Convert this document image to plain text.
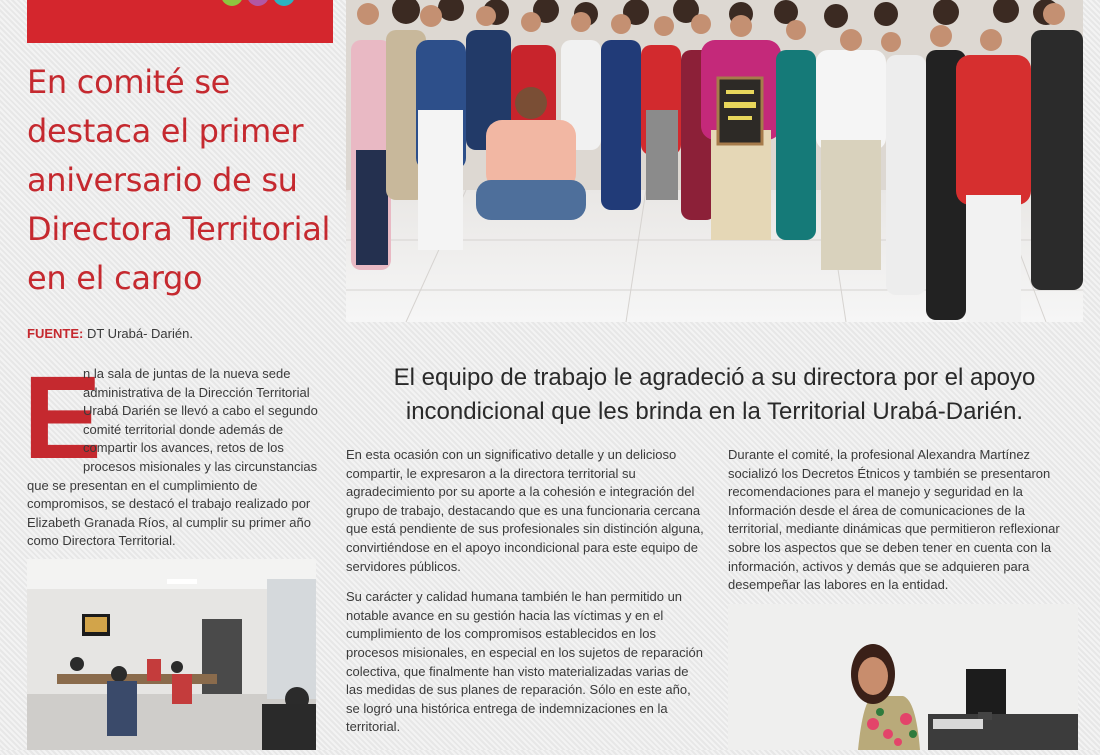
En comité se destaca el primer aniversario de su Directora Territorial en el cargo
FUENTE: DT Urabá- Darién.
E
n la sala de juntas de la nueva sede administrativa de la Dirección Territorial Urabá Darién se llevó a cabo el segundo comité territorial donde además de compartir los avances, retos de los procesos misionales y las circunstancias que se presentan en el cumplimiento de compromisos, se destacó el trabajo realizado por Elizabeth Granada Ríos, al cumplir su primer año como Directora Territorial.
El equipo de trabajo le agradeció a su directora por el apoyo incondicional que les brinda en la Territorial Urabá-Darién.

En esta ocasión con un significativo detalle y un delicioso compartir, le expresaron a la directora territorial su agradecimiento por su aporte a la cohesión e integración del grupo de trabajo, destacando que es una funcionaria cercana que está pendiente de sus profesionales sin distinción alguna, convirtiéndose en el apoyo incondicional para este equipo de servidores públicos.

Su carácter y calidad humana también le han permitido un notable avance en su gestión hacia las víctimas y en el cumplimiento de los compromisos establecidos en los procesos misionales, en especial en los sujetos de reparación colectiva, que finalmente han visto materializadas varias de las medidas de sus planes de reparación. Sólo en este año, se logró una histórica entrega de indemnizaciones en la territorial.

Durante el comité, la profesional Alexandra Martínez socializó los Decretos Étnicos y también se presentaron recomendaciones para el manejo y seguridad en la Información desde el área de comunicaciones de la territorial, mediante dinámicas que permitieron reflexionar sobre los aspectos que se deben tener en cuenta con la información, activos y demás que se adquieren para desempeñar las labores en la entidad.
